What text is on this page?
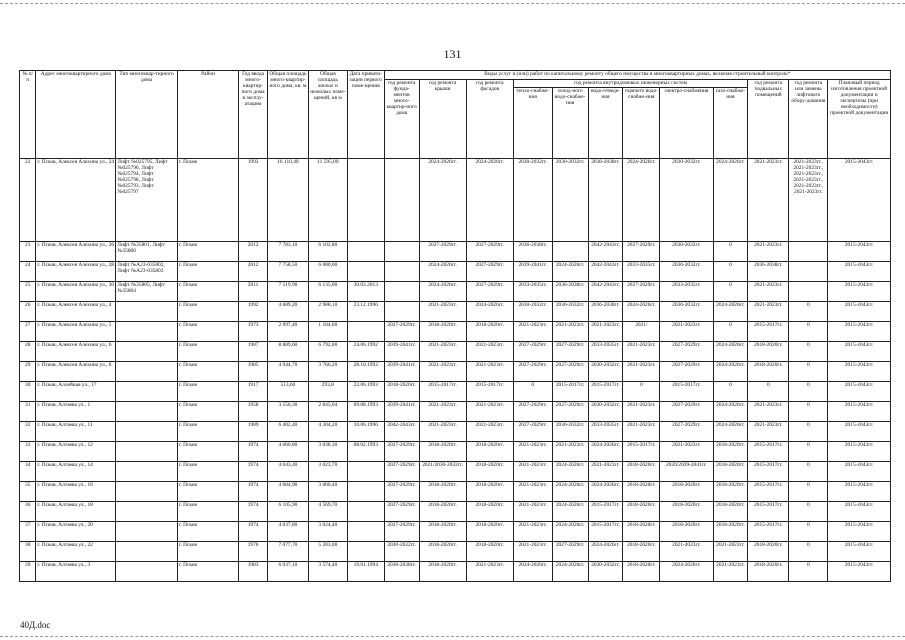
131
№ п/п	Адрес многоквартирного дома	Тип многоквар-тирного дома	Район	Год ввода много-квартир-ного дома в эксплу-атацию	Общая площадь много-квартир-ного дома, кв. м	Общая площадь жилых и нежилых поме-щений, кв м	Дата привати-зации первого поме-щения	Виды услуг и (или) работ по капитальному ремонту общего имущества в многоквартирных домах, включая строительный контроль*											
								год ремонта фунда-ментов много-квартир-ного дома	год ремонта крыши	год ремонта фасадов	год ремонта внутридомовых инженерных систем						год ремонта подвальных помещений	год ремонта или замены лифтового обору-дования	Плановый период изготовления проектной документации и экспертизы (при необходимости) проектной документации
											тепло-снабже-ния	холод-ного водо-снабже-ния	водо-отведе-ния	горячего водо-снабже-ния	электро-снабжения	газо-снабже-ния			
22	г. Псков, Алексея Алехина ул., 24	Лифт №025795, Лифт №025796, Лифт №025794, Лифт №025798, Лифт №025793, Лифт №025797	г. Псков	1993	16 110,40	11 595,00			2024-2026гг.	2024-2026гг.	2030-2032гг.	2030-2032гг.	2036-2038гг.	2024-2026гг.	2030-2032гг.	2024-2026гг.	2021-2023гг.	2021-2023гг., 2021-2023гг., 2021-2023гг., 2021-2023гг., 2021-2023гг., 2021-2023гг.	2015-2043гг.
23	г. Псков, Алексея Алехина ул., 26	Лифт №35801, Лифт №35800	г. Псков	2012	7 783,10	6 102,80			2027-2029гг.	2027-2029гг.	2036-2038гг.		2042-2043гг.	2027-2029гг.	2030-2032гг.	0	2021-2023гг.		2015-2043гг.
24	г. Псков, Алексея Алехина ул., 28	Лифт №А23-035802, Лифт №А23-035803	г. Псков	2012	7 758,50	6 080,00			2024-2026гг.	2027-2029гг.	2039-2041гг.	2024-2026гг.	2042-2043гг.	2033-2035гг.	2030-2032гг.	0	2036-2038гг.		2015-2043гг.
25	г. Псков, Алексея Алехина ул., 30	Лифт №35805, Лифт №35804	г. Псков	2011	7 519,90	6 135,00	30.03.2013		2024-2026гг.	2027-2029гг.	2033-2035гг.	2036-2038гг.	2042-2043гг.	2027-2029гг.	2033-2035гг.	0	2021-2023гг.		2015-2043гг.
26	г. Псков, Алексея Алехина ул., 4		г. Псков	1992	4 689,20	2 988,10	23.12.1996		2021-2023гг.	2024-2026гг.	2030-2032гг.	2030-2032гг.	2036-2038гг.	2024-2026гг.	2030-2032гг.	2024-2026гг.	2021-2023гг.	0	2015-2043гг.
27	г. Псков, Алексея Алехина ул., 5		г. Псков	1973	2 097,40	1 184,60		2027-2029гг.	2018-2020гг.	2018-2020гг.	2021-2023гг.	2021-2023гг.	2021-2023гг.	2021/	2021-2023гг.	0	2015-2017гг.	0	2015-2043гг.
28	г. Псков, Алексея Алехина ул., 6		г. Псков	1987	8 889,60	6 792,00	24.06.1992	2039-2041гг.	2021-2023гг.	2021-2023гг.	2027-2029гг.	2027-2029гг.	2033-2035гг.	2021-2023гг.	2027-2029гг.	2024-2026гг.	2018-2020гг.	0	2015-2043гг.
29	г. Псков, Алексея Алехина ул., 8		г. Псков	1985	4 944,70	3 766,20	28.10.1992	2039-2041гг.	2021-2023гг.	2021-2023гг.	2027-2029гг.	2027-2029гг.	2030-2032гг.	2021-2023гг.	2027-2029гг.	2024-2026гг.	2018-2020гг.	0	2015-2043гг.
30	г. Псков, Аллейная ул., 17		г. Псков	1917	513,60	293,8	22.06.1993	2018-2020гг.	2015-2017гг.	2015-2017гг.	0	2015-2017гг.	2015-2017гг.	0	2015-2017гг.	0	0	0	2015-2043гг.
31	г. Псков, Алтаева ул., 1		г. Псков	1958	3 556,30	2 845,04	09.08.1993	2039-2041гг.	2021-2023гг.	2021-2023гг.	2027-2029гг.	2027-2029гг.	2030-2032гг.	2021-2023гг.	2027-2029гг.	2024-2026гг.	2021-2023гг.	0	2015-2043гг.
32	г. Псков, Алтаева ул., 11		г. Псков	1989	6 402,40	4 304,20	10.06.1996	2042-2043гг.	2021-2023гг.	2021-2023гг.	2027-2029гг.	2030-2032гг.	2033-2035гг.	2021-2023гг.	2027-2029гг.	2024-2026гг.	2021-2023гг.	0	2015-2043гг.
33	г. Псков, Алтаева ул., 12		г. Псков	1974	4 060,80	3 038,30	08.02.1993	2027-2029гг.	2018-2020гг.	2018-2020гг.	2021-2023гг.	2021-2023гг.	2024-2026гг.	2015-2017гг.	2021-2023гг.	2018-2020гг.	2015-2017гг.	0	2015-2043гг.
34	г. Псков, Алтаева ул., 14		г. Псков	1974	4 043,40	3 023,70		2027-2029гг.	2021/2030-2032гг.	2018-2020гг.	2021-2023гг.	2024-2026гг.	2021-2023гг.	2018-2020гг.	2020/2039-2041гг.	2018-2020гг.	2015-2017гг.	0	2015-2043гг.
35	г. Псков, Алтаева ул., 16		г. Псков	1974	4 084,90	3 060,40		2027-2029гг.	2018-2020гг.	2018-2020гг.	2021-2023гг.	2024-2026гг.	2024-2026гг.	2018-2020гг.	2018-2020гг.	2018-2020гг.	2015-2017гг.	0	2015-2043гг.
36	г. Псков, Алтаева ул., 18		г. Псков	1974	6 105,90	4 569,70		2027-2029гг.	2018-2020гг.	2018-2020гг.	2021-2023гг.	2024-2026гг.	2015-2017гг.	2018-2020гг.	2018-2020гг.	2018-2020гг.	2015-2017гг.	0	2015-2043гг.
37	г. Псков, Алтаева ул., 20		г. Псков	1974	4 037,80	3 024,40		2027-2029гг.	2018-2020гг.	2018-2020гг.	2021-2023гг.	2024-2026гг.	2015-2017гг.	2018-2020гг.	2018-2020гг.	2018-2020гг.	2015-2017гг.	0	2015-2043гг.
38	г. Псков, Алтаева ул., 22		г. Псков	1976	7 077,70	5 283,00		2030-2032гг.	2018-2020гг.	2018-2020гг.	2021-2023гг.	2027-2029гг.	2024-2026гг.	2018-2020гг.	2021-2023гг.	2021-2023гг.	2018-2020гг.	0	2015-2043гг.
39	г. Псков, Алтаева ул., 3		г. Псков	1983	6 037,10	3 574,40	19.01.1994	2036-2038гг.	2018-2020гг.	2021-2023гг.	2024-2026гг.	2024-2026гг.	2030-2032гг.	2018-2020гг.	2024-2026гг.	2021-2023гг.	2018-2020гг.	0	2015-2043гг.
40Д.doc
